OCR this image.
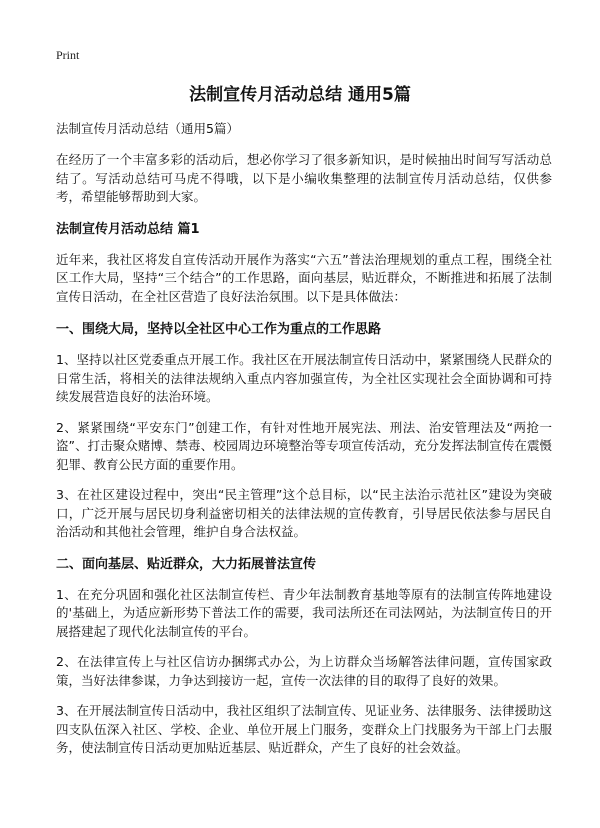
Print
法制宣传月活动总结 通用5篇

法制宣传月活动总结（通用5篇）

在经历了一个丰富多彩的活动后，想必你学习了很多新知识，是时候抽出时间写写活动总结了。写活动总结可马虎不得哦，以下是小编收集整理的法制宣传月活动总结，仅供参考，希望能够帮助到大家。

法制宣传月活动总结 篇1

近年来，我社区将发自宣传活动开展作为落实“六五”普法治理规划的重点工程，围绕全社区工作大局，坚持“三个结合”的工作思路，面向基层，贴近群众，不断推进和拓展了法制宣传日活动，在全社区营造了良好法治氛围。以下是具体做法：

一、围绕大局，坚持以全社区中心工作为重点的工作思路

1、坚持以社区党委重点开展工作。我社区在开展法制宣传日活动中，紧紧围绕人民群众的日常生活，将相关的法律法规纳入重点内容加强宣传，为全社区实现社会全面协调和可持续发展营造良好的法治环境。

2、紧紧围绕“平安东门”创建工作，有针对性地开展宪法、刑法、治安管理法及“两抢一盗”、打击聚众赌博、禁毒、校园周边环境整治等专项宣传活动，充分发挥法制宣传在震慑犯罪、教育公民方面的重要作用。

3、在社区建设过程中，突出“民主管理”这个总目标，以“民主法治示范社区”建设为突破口，广泛开展与居民切身利益密切相关的法律法规的宣传教育，引导居民依法参与居民自治活动和其他社会管理，维护自身合法权益。

二、面向基层、贴近群众，大力拓展普法宣传

1、在充分巩固和强化社区法制宣传栏、青少年法制教育基地等原有的法制宣传阵地建设的'基础上，为适应新形势下普法工作的需要，我司法所还在司法网站，为法制宣传日的开展搭建起了现代化法制宣传的平台。

2、在法律宣传上与社区信访办捆绑式办公，为上访群众当场解答法律问题，宣传国家政策，当好法律参谋，力争达到接访一起，宣传一次法律的目的取得了良好的效果。

3、在开展法制宣传日活动中，我社区组织了法制宣传、见证业务、法律服务、法律援助这四支队伍深入社区、学校、企业、单位开展上门服务，变群众上门找服务为干部上门去服务，使法制宣传日活动更加贴近基层、贴近群众，产生了良好的社会效益。
